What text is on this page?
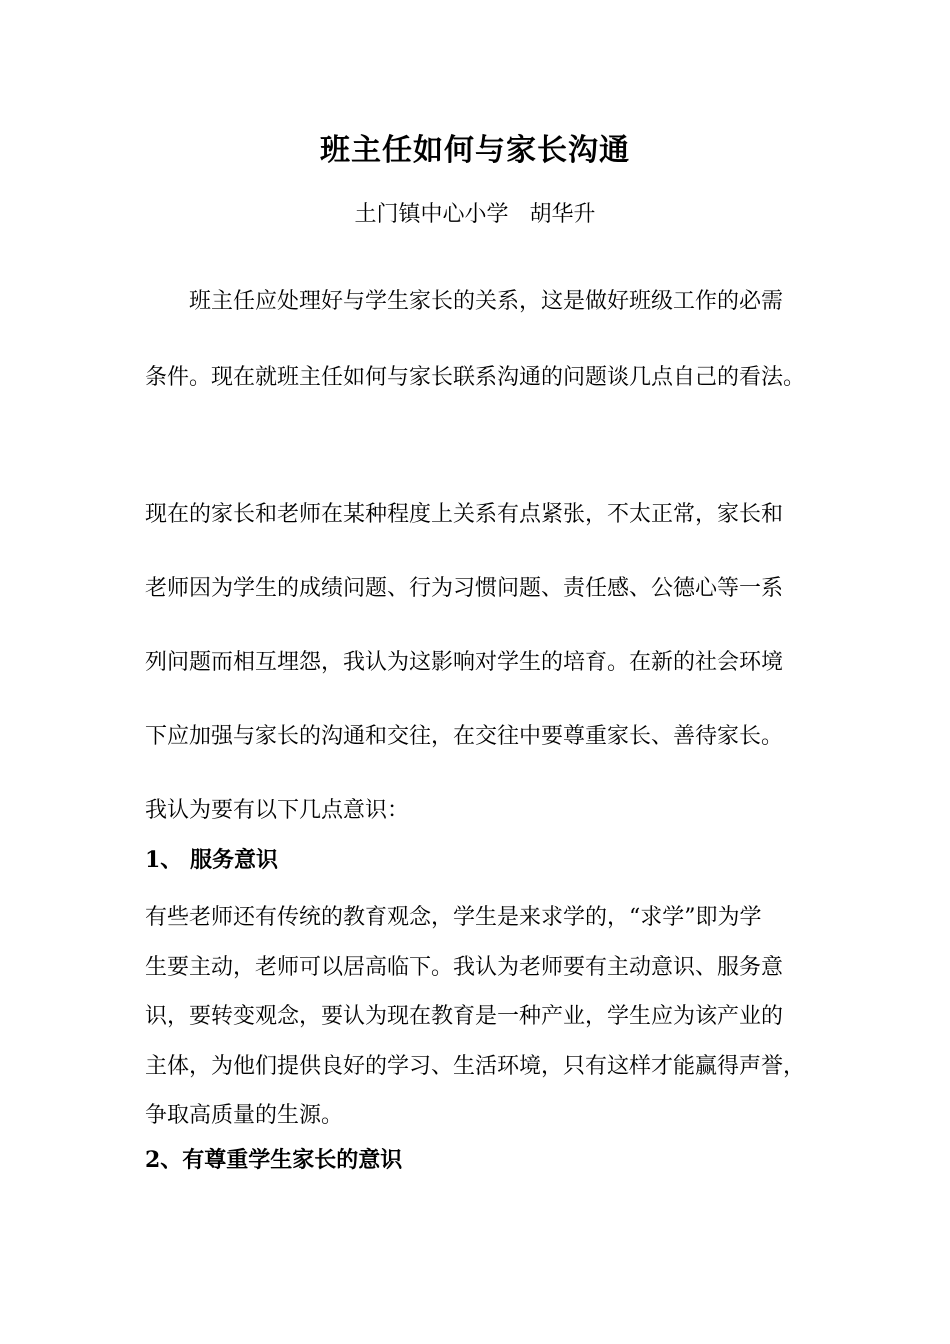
班主任如何与家长沟通
土门镇中心小学   胡华升
班主任应处理好与学生家长的关系，这是做好班级工作的必需
条件。现在就班主任如何与家长联系沟通的问题谈几点自己的看法。
现在的家长和老师在某种程度上关系有点紧张，不太正常，家长和
老师因为学生的成绩问题、行为习惯问题、责任感、公德心等一系
列问题而相互埋怨，我认为这影响对学生的培育。在新的社会环境
下应加强与家长的沟通和交往，在交往中要尊重家长、善待家长。
我认为要有以下几点意识：
1、 服务意识
有些老师还有传统的教育观念，学生是来求学的，“求学”即为学
生要主动，老师可以居高临下。我认为老师要有主动意识、服务意
识，要转变观念，要认为现在教育是一种产业，学生应为该产业的
主体，为他们提供良好的学习、生活环境，只有这样才能赢得声誉，
争取高质量的生源。
2、有尊重学生家长的意识
